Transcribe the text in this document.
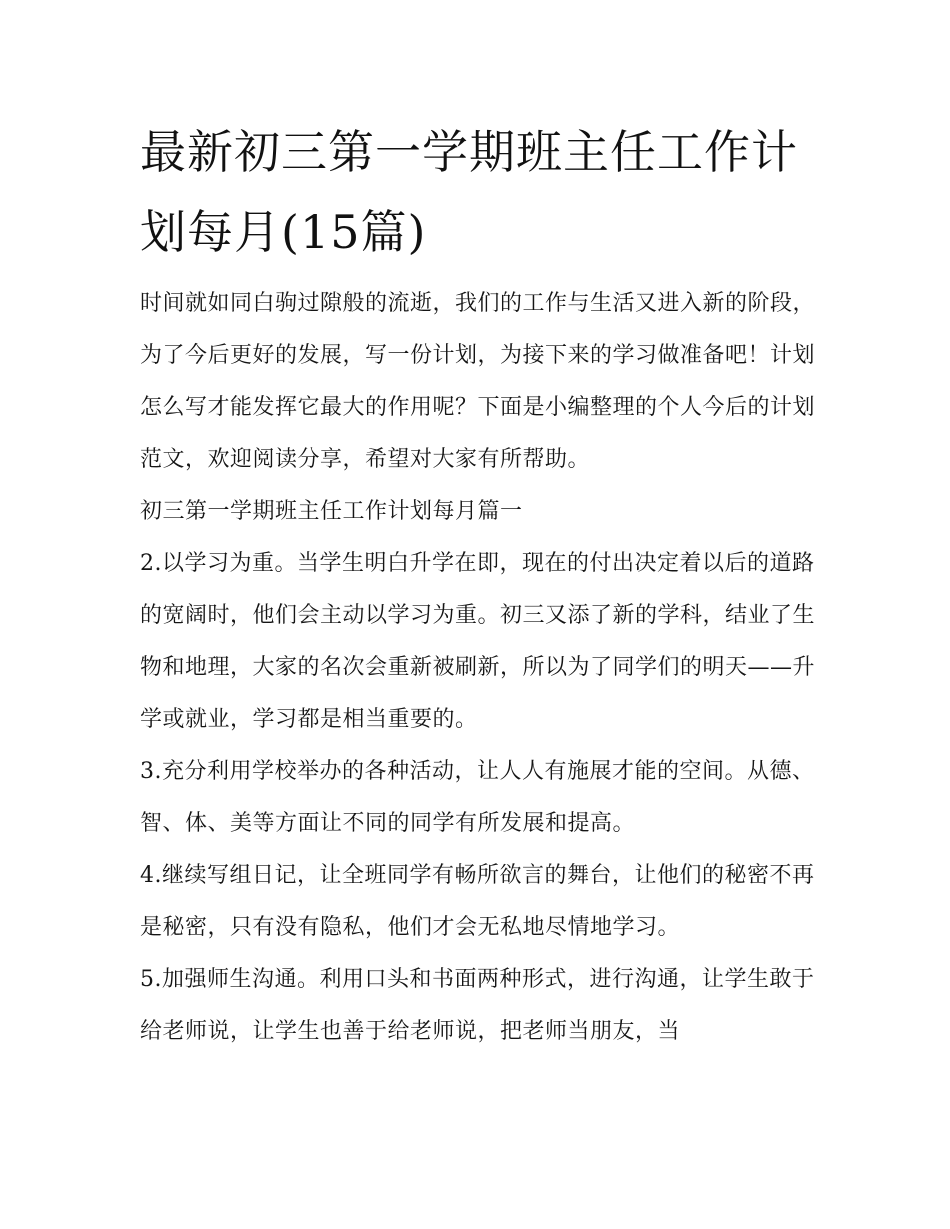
最新初三第一学期班主任工作计划每月(15篇)

时间就如同白驹过隙般的流逝，我们的工作与生活又进入新的阶段，为了今后更好的发展，写一份计划，为接下来的学习做准备吧！计划怎么写才能发挥它最大的作用呢？下面是小编整理的个人今后的计划范文，欢迎阅读分享，希望对大家有所帮助。

初三第一学期班主任工作计划每月篇一

2.以学习为重。当学生明白升学在即，现在的付出决定着以后的道路的宽阔时，他们会主动以学习为重。初三又添了新的学科，结业了生物和地理，大家的名次会重新被刷新，所以为了同学们的明天——升学或就业，学习都是相当重要的。

3.充分利用学校举办的各种活动，让人人有施展才能的空间。从德、智、体、美等方面让不同的同学有所发展和提高。

4.继续写组日记，让全班同学有畅所欲言的舞台，让他们的秘密不再是秘密，只有没有隐私，他们才会无私地尽情地学习。

5.加强师生沟通。利用口头和书面两种形式，进行沟通，让学生敢于给老师说，让学生也善于给老师说，把老师当朋友，当
